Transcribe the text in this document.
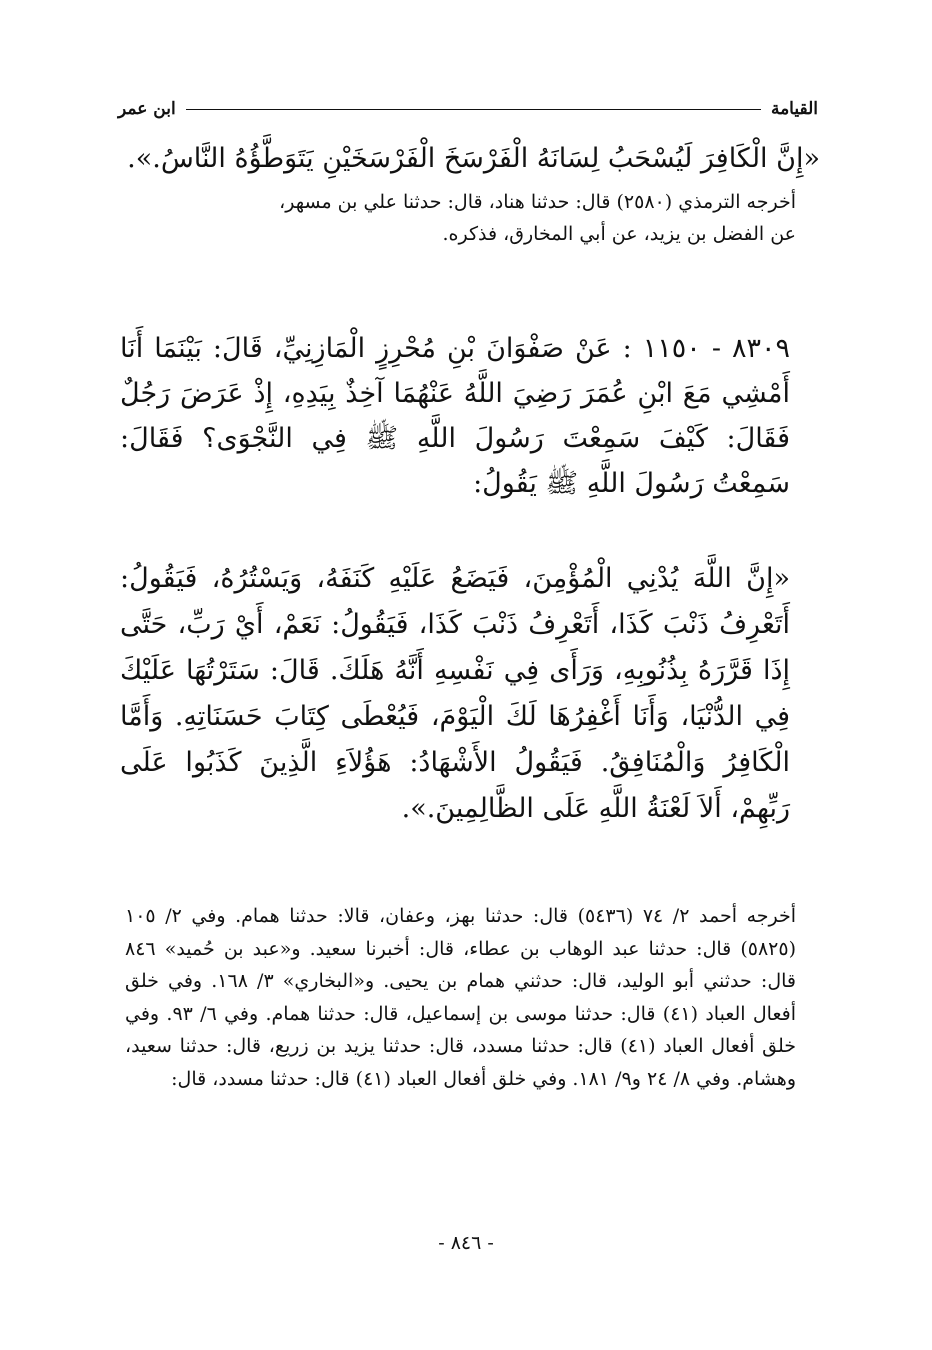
القيامة
ابن عمر
«إِنَّ الْكَافِرَ لَيُسْحَبُ لِسَانَهُ الْفَرْسَخَ الْفَرْسَخَيْنِ يَتَوَطَّؤُهُ النَّاسُ.».
أخرجه الترمذي (٢٥٨٠) قال: حدثنا هناد، قال: حدثنا علي بن مسهر،
عن الفضل بن يزيد، عن أبي المخارق، فذكره.
٨٣٠٩ - ١١٥٠ : عَنْ صَفْوَانَ بْنِ مُحْرِزٍ الْمَازِنِيِّ، قَالَ: بَيْنَمَا أَنَا أَمْشِي مَعَ ابْنِ عُمَرَ رَضِيَ اللَّهُ عَنْهُمَا آخِذٌ بِيَدِهِ، إِذْ عَرَضَ رَجُلٌ فَقَالَ: كَيْفَ سَمِعْتَ رَسُولَ اللَّهِ ﷺ فِي النَّجْوَى؟ فَقَالَ: سَمِعْتُ رَسُولَ اللَّهِ ﷺ يَقُولُ:
«إِنَّ اللَّهَ يُدْنِي الْمُؤْمِنَ، فَيَضَعُ عَلَيْهِ كَنَفَهُ، وَيَسْتُرُهُ، فَيَقُولُ: أَتَعْرِفُ ذَنْبَ كَذَا، أَتَعْرِفُ ذَنْبَ كَذَا، فَيَقُولُ: نَعَمْ، أَيْ رَبِّ، حَتَّى إِذَا قَرَّرَهُ بِذُنُوبِهِ، وَرَأَى فِي نَفْسِهِ أَنَّهُ هَلَكَ. قَالَ: سَتَرْتُهَا عَلَيْكَ فِي الدُّنْيَا، وَأَنَا أَغْفِرُهَا لَكَ الْيَوْمَ، فَيُعْطَى كِتَابَ حَسَنَاتِهِ. وَأَمَّا الْكَافِرُ وَالْمُنَافِقُ. فَيَقُولُ الأَشْهَادُ: هَؤُلاَءِ الَّذِينَ كَذَبُوا عَلَى رَبِّهِمْ، أَلاَ لَعْنَةُ اللَّهِ عَلَى الظَّالِمِينَ.».
أخرجه أحمد ٢/ ٧٤ (٥٤٣٦) قال: حدثنا بهز، وعفان، قالا: حدثنا همام. وفي ٢/ ١٠٥ (٥٨٢٥) قال: حدثنا عبد الوهاب بن عطاء، قال: أخبرنا سعيد. و«عبد بن حُميد» ٨٤٦ قال: حدثني أبو الوليد، قال: حدثني همام بن يحيى. و«البخاري» ٣/ ١٦٨. وفي خلق أفعال العباد (٤١) قال: حدثنا موسى بن إسماعيل، قال: حدثنا همام. وفي ٦/ ٩٣. وفي خلق أفعال العباد (٤١) قال: حدثنا مسدد، قال: حدثنا يزيد بن زريع، قال: حدثنا سعيد، وهشام. وفي ٨/ ٢٤ و٩/ ١٨١. وفي خلق أفعال العباد (٤١) قال: حدثنا مسدد، قال:
- ٨٤٦ -
